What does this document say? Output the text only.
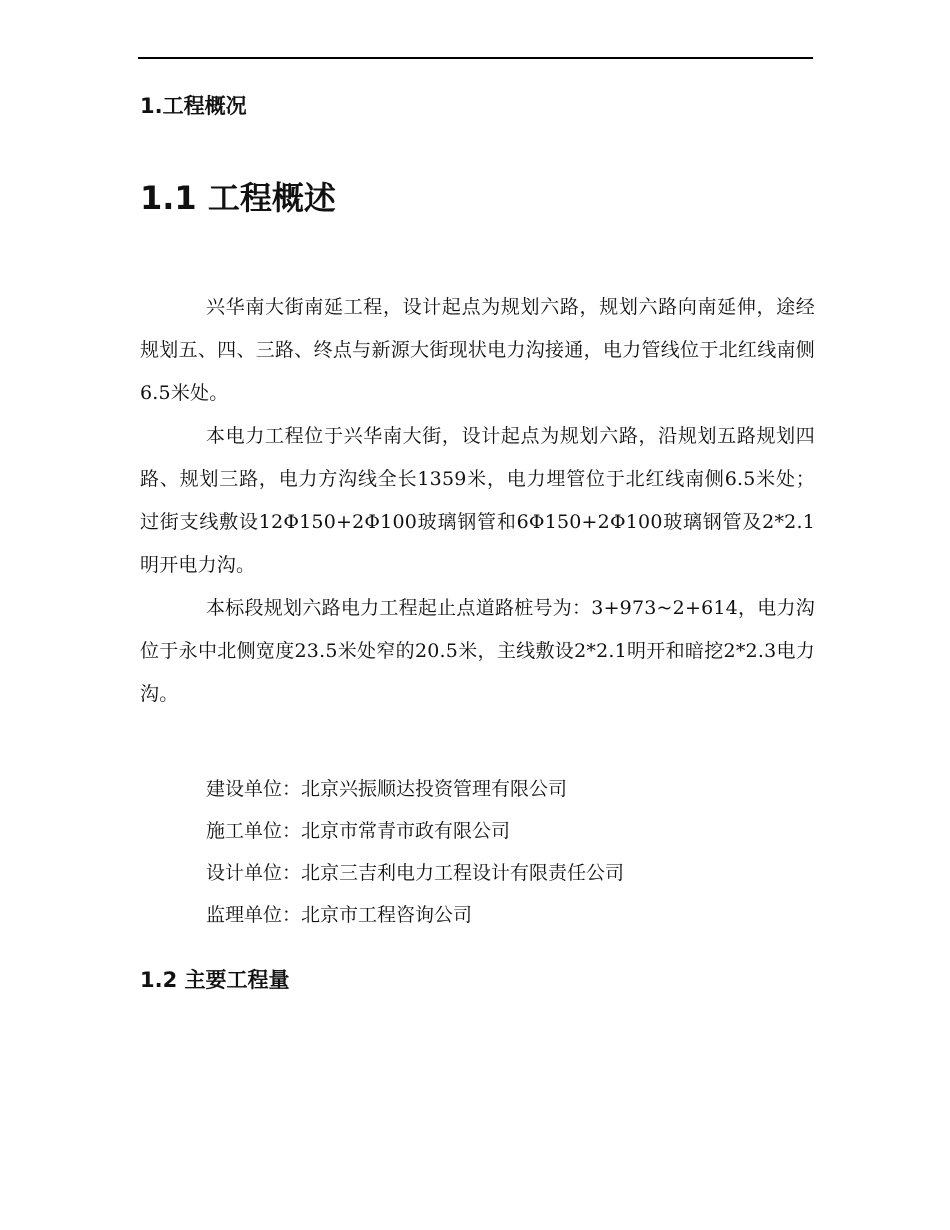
1.工程概况
1.1 工程概述

兴华南大街南延工程，设计起点为规划六路，规划六路向南延伸，途经规划五、四、三路、终点与新源大街现状电力沟接通，电力管线位于北红线南侧6.5米处。

本电力工程位于兴华南大街，设计起点为规划六路，沿规划五路规划四路、规划三路，电力方沟线全长1359米，电力埋管位于北红线南侧6.5米处；过街支线敷设12Φ150+2Φ100玻璃钢管和6Φ150+2Φ100玻璃钢管及2*2.1明开电力沟。

本标段规划六路电力工程起止点道路桩号为：3+973~2+614，电力沟位于永中北侧宽度23.5米处窄的20.5米，主线敷设2*2.1明开和暗挖2*2.3电力沟。

建设单位：北京兴振顺达投资管理有限公司

施工单位：北京市常青市政有限公司

设计单位：北京三吉利电力工程设计有限责任公司

监理单位：北京市工程咨询公司

1.2 主要工程量
